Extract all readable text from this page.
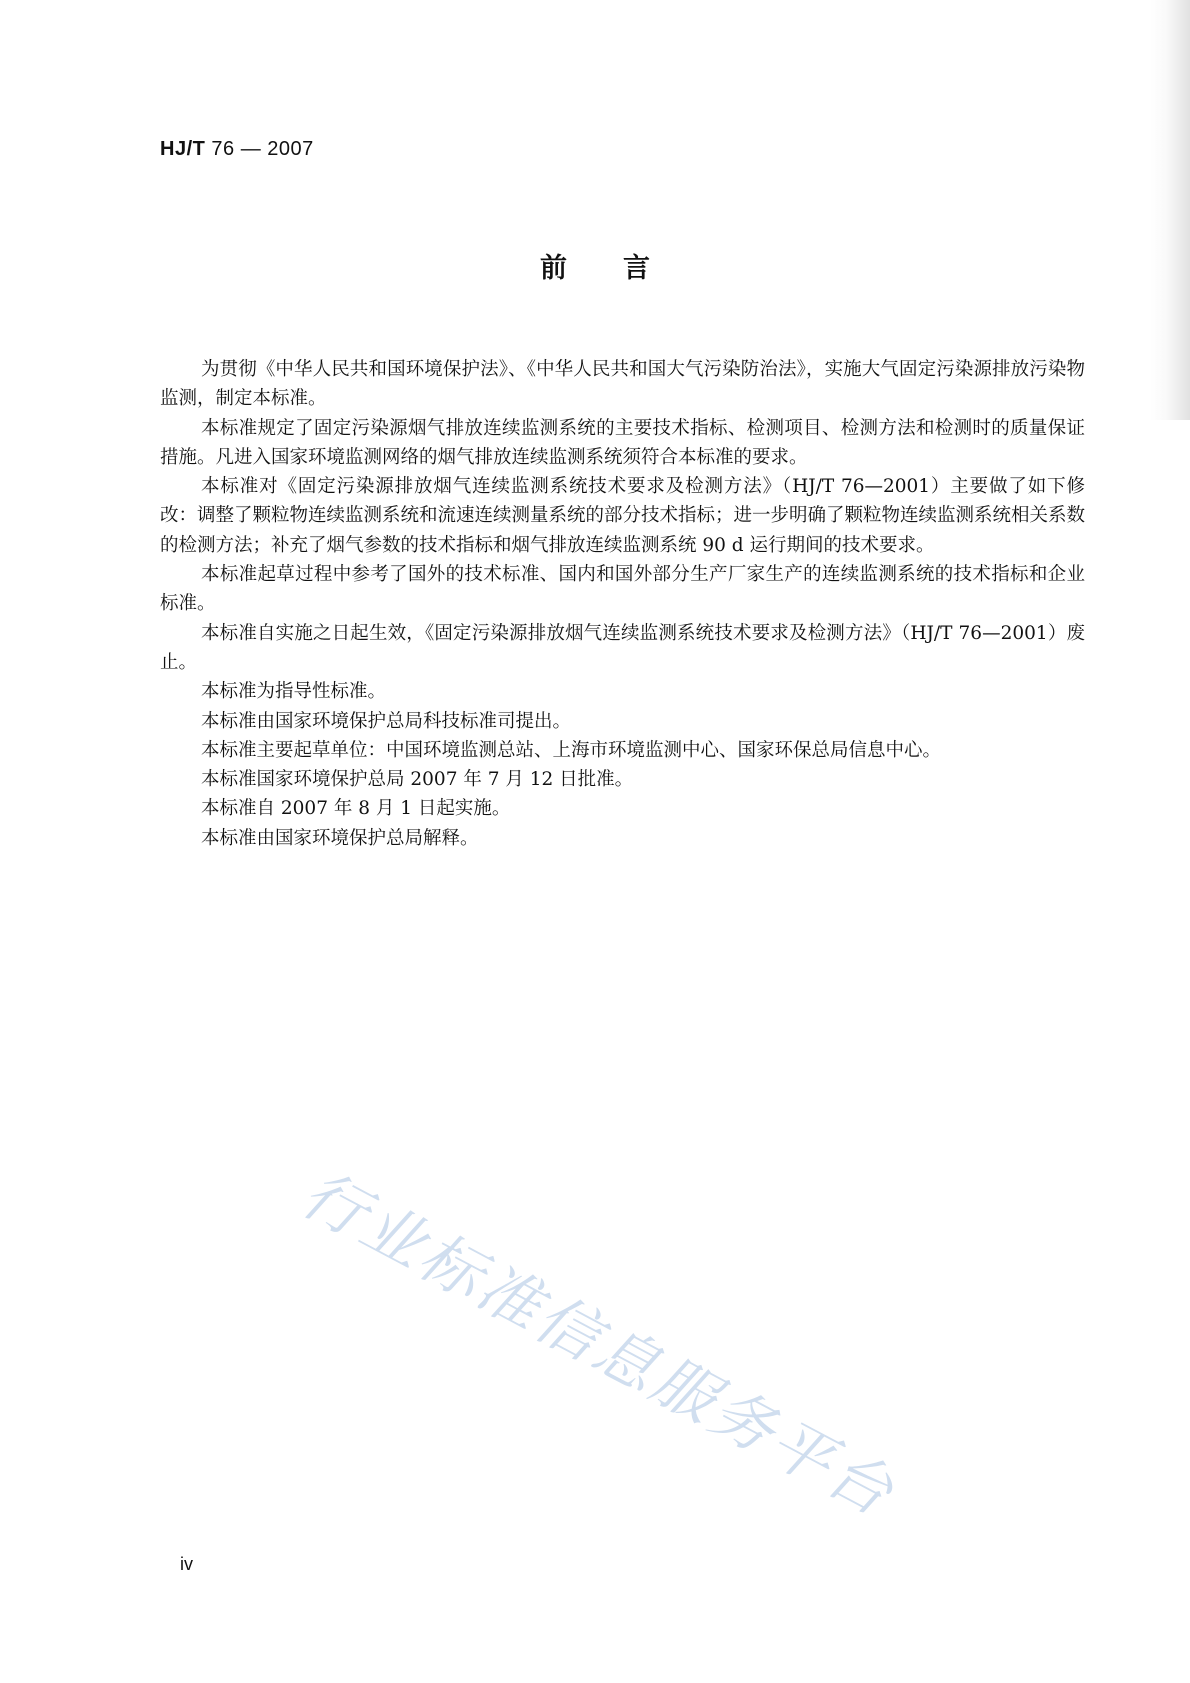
HJ/T 76 — 2007
前言

为贯彻《中华人民共和国环境保护法》、《中华人民共和国大气污染防治法》，实施大气固定污染源排放污染物监测，制定本标准。

本标准规定了固定污染源烟气排放连续监测系统的主要技术指标、检测项目、检测方法和检测时的质量保证措施。凡进入国家环境监测网络的烟气排放连续监测系统须符合本标准的要求。

本标准对《固定污染源排放烟气连续监测系统技术要求及检测方法》（HJ/T 76—2001）主要做了如下修改：调整了颗粒物连续监测系统和流速连续测量系统的部分技术指标；进一步明确了颗粒物连续监测系统相关系数的检测方法；补充了烟气参数的技术指标和烟气排放连续监测系统 90 d 运行期间的技术要求。

本标准起草过程中参考了国外的技术标准、国内和国外部分生产厂家生产的连续监测系统的技术指标和企业标准。

本标准自实施之日起生效，《固定污染源排放烟气连续监测系统技术要求及检测方法》（HJ/T 76—2001）废止。

本标准为指导性标准。

本标准由国家环境保护总局科技标准司提出。

本标准主要起草单位：中国环境监测总站、上海市环境监测中心、国家环保总局信息中心。

本标准国家环境保护总局 2007 年 7 月 12 日批准。

本标准自 2007 年 8 月 1 日起实施。

本标准由国家环境保护总局解释。

行业标准信息服务平台
iv
